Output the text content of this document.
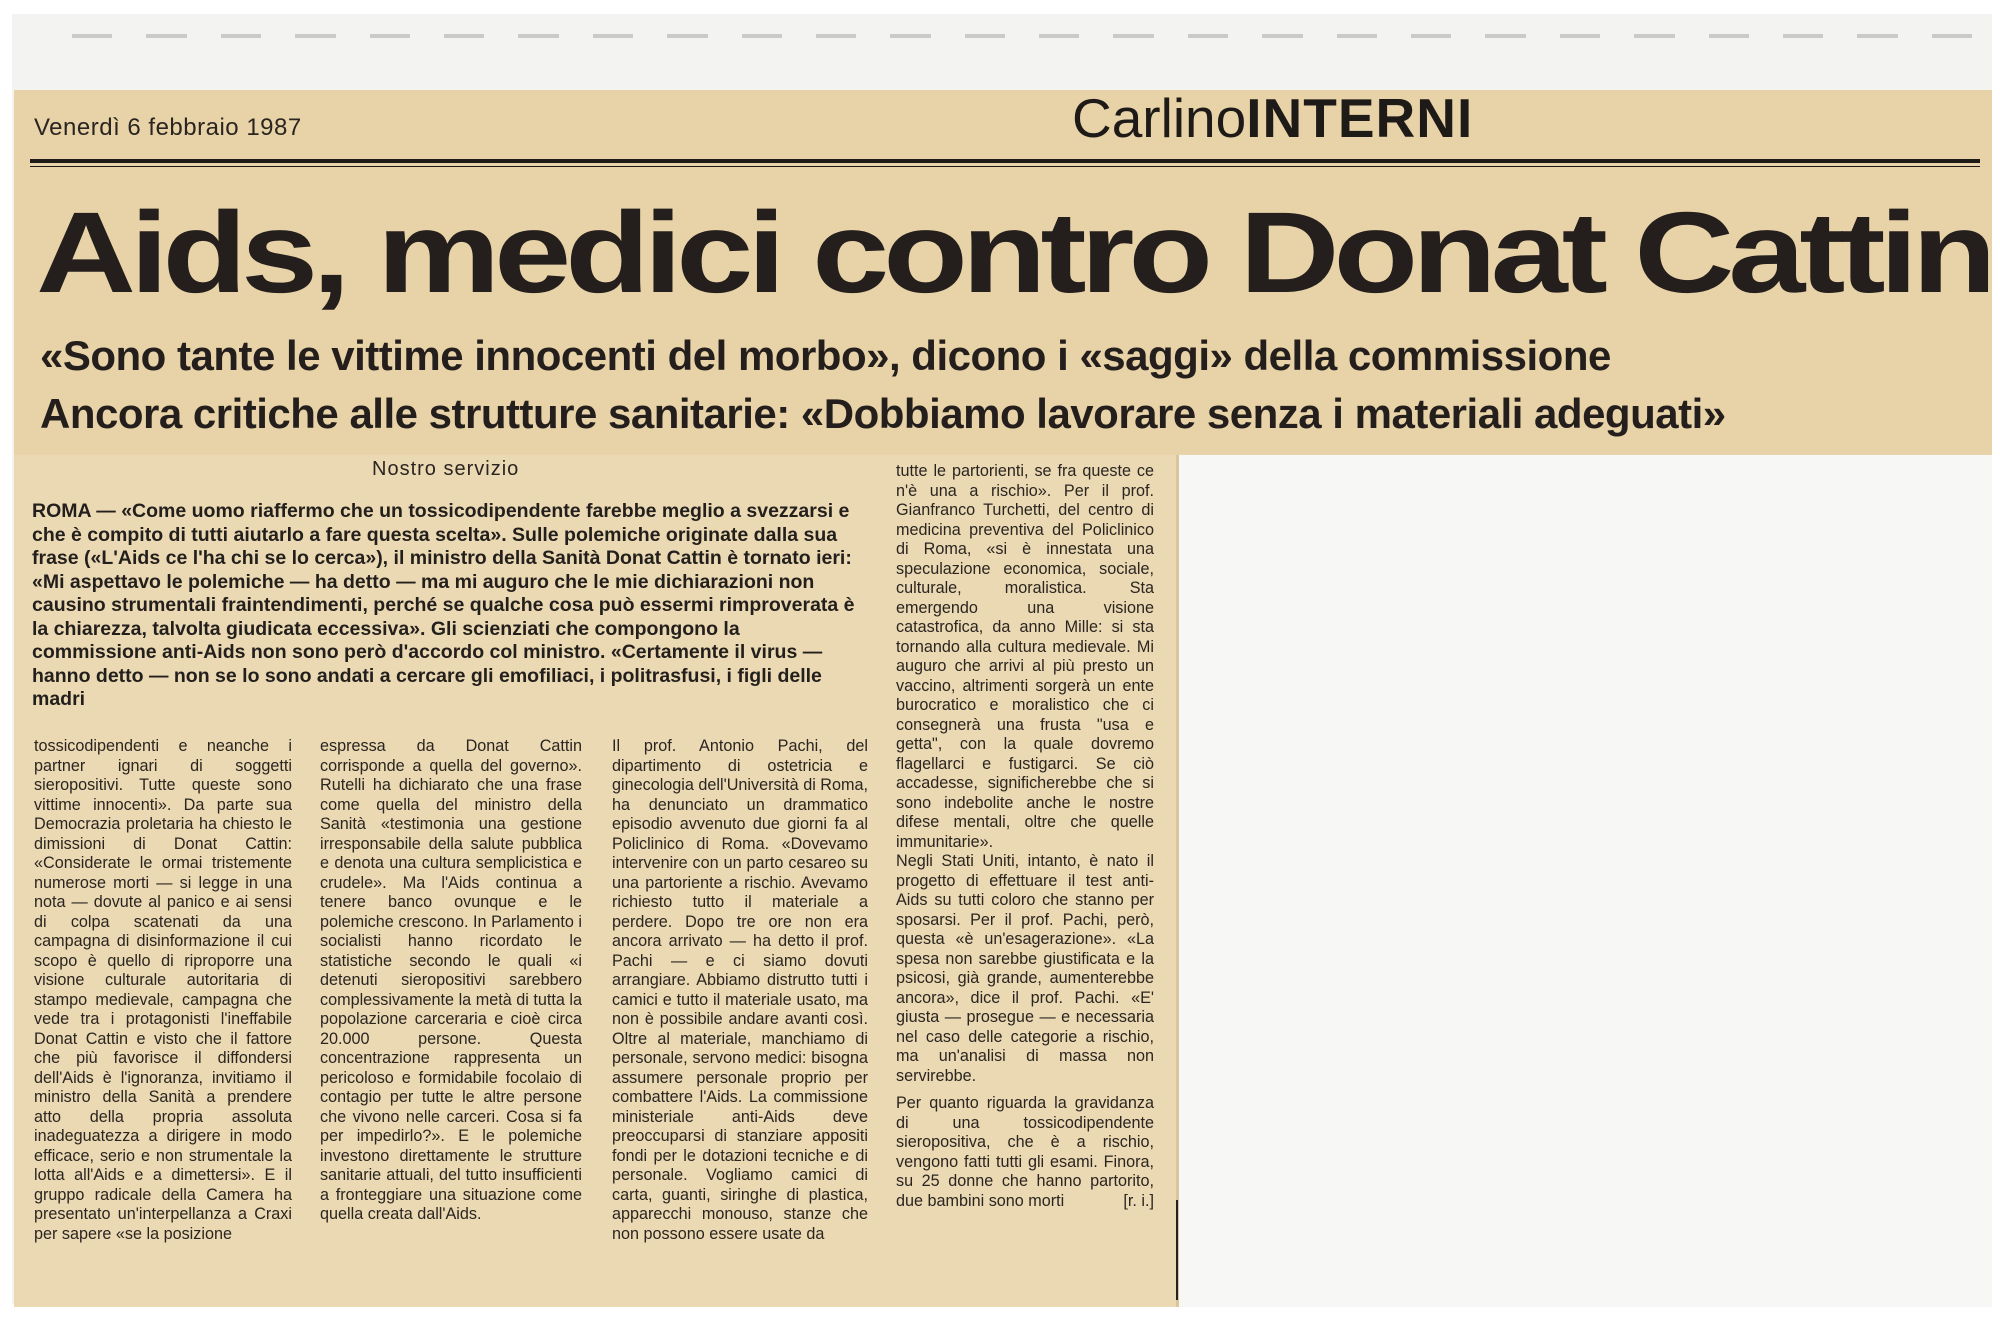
Venerdì 6 febbraio 1987	CarlinoINTERNI
Aids, medici contro Donat Cattin
«Sono tante le vittime innocenti del morbo», dicono i «saggi» della commissione
Ancora critiche alle strutture sanitarie: «Dobbiamo lavorare senza i materiali adeguati»
Nostro servizio
ROMA — «Come uomo riaffermo che un tossicodipendente farebbe meglio a svezzarsi e che è compito di tutti aiutarlo a fare questa scelta». Sulle polemiche originate dalla sua frase («L'Aids ce l'ha chi se lo cerca»), il ministro della Sanità Donat Cattin è tornato ieri: «Mi aspettavo le polemiche — ha detto — ma mi auguro che le mie dichiarazioni non causino strumentali fraintendimenti, perché se qualche cosa può essermi rimproverata è la chiarezza, talvolta giudicata eccessiva». Gli scienziati che compongono la commissione anti-Aids non sono però d'accordo col ministro. «Certamente il virus — hanno detto — non se lo sono andati a cercare gli emofiliaci, i politrasfusi, i figli delle madri
tossicodipendenti e neanche i partner ignari di soggetti sieropositivi. Tutte queste sono vittime innocenti». Da parte sua Democrazia proletaria ha chiesto le dimissioni di Donat Cattin: «Considerate le ormai tristemente numerose morti — si legge in una nota — dovute al panico e ai sensi di colpa scatenati da una campagna di disinformazione il cui scopo è quello di riproporre una visione culturale autoritaria di stampo medievale, campagna che vede tra i protagonisti l'ineffabile Donat Cattin e visto che il fattore che più favorisce il diffondersi dell'Aids è l'ignoranza, invitiamo il ministro della Sanità a prendere atto della propria assoluta inadeguatezza a dirigere in modo efficace, serio e non strumentale la lotta all'Aids e a dimettersi». E il gruppo radicale della Camera ha presentato un'interpellanza a Craxi per sapere «se la posizione
espressa da Donat Cattin corrisponde a quella del governo». Rutelli ha dichiarato che una frase come quella del ministro della Sanità «testimonia una gestione irresponsabile della salute pubblica e denota una cultura semplicistica e crudele». Ma l'Aids continua a tenere banco ovunque e le polemiche crescono. In Parlamento i socialisti hanno ricordato le statistiche secondo le quali «i detenuti sieropositivi sarebbero complessivamente la metà di tutta la popolazione carceraria e cioè circa 20.000 persone. Questa concentrazione rappresenta un pericoloso e formidabile focolaio di contagio per tutte le altre persone che vivono nelle carceri. Cosa si fa per impedirlo?». E le polemiche investono direttamente le strutture sanitarie attuali, del tutto insufficienti a fronteggiare una situazione come quella creata dall'Aids.
Il prof. Antonio Pachi, del dipartimento di ostetricia e ginecologia dell'Università di Roma, ha denunciato un drammatico episodio avvenuto due giorni fa al Policlinico di Roma. «Dovevamo intervenire con un parto cesareo su una partoriente a rischio. Avevamo richiesto tutto il materiale a perdere. Dopo tre ore non era ancora arrivato — ha detto il prof. Pachi — e ci siamo dovuti arrangiare. Abbiamo distrutto tutti i camici e tutto il materiale usato, ma non è possibile andare avanti così. Oltre al materiale, manchiamo di personale, servono medici: bisogna assumere personale proprio per combattere l'Aids. La commissione ministeriale anti-Aids deve preoccuparsi di stanziare appositi fondi per le dotazioni tecniche e di personale. Vogliamo camici di carta, guanti, siringhe di plastica, apparecchi monouso, stanze che non possono essere usate da

tutte le partorienti, se fra queste ce n'è una a rischio». Per il prof. Gianfranco Turchetti, del centro di medicina preventiva del Policlinico di Roma, «si è innestata una speculazione economica, sociale, culturale, moralistica. Sta emergendo una visione catastrofica, da anno Mille: si sta tornando alla cultura medievale. Mi auguro che arrivi al più presto un vaccino, altrimenti sorgerà un ente burocratico e moralistico che ci consegnerà una frusta "usa e getta", con la quale dovremo flagellarci e fustigarci. Se ciò accadesse, significherebbe che si sono indebolite anche le nostre difese mentali, oltre che quelle immunitarie».

Negli Stati Uniti, intanto, è nato il progetto di effettuare il test anti-Aids su tutti coloro che stanno per sposarsi. Per il prof. Pachi, però, questa «è un'esagerazione». «La spesa non sarebbe giustificata e la psicosi, già grande, aumenterebbe ancora», dice il prof. Pachi. «E' giusta — prosegue — e necessaria nel caso delle categorie a rischio, ma un'analisi di massa non servirebbe.

Per quanto riguarda la gravidanza di una tossicodipendente sieropositiva, che è a rischio, vengono fatti tutti gli esami. Finora, su 25 donne che hanno partorito, due bambini sono morti	[r. i.]
